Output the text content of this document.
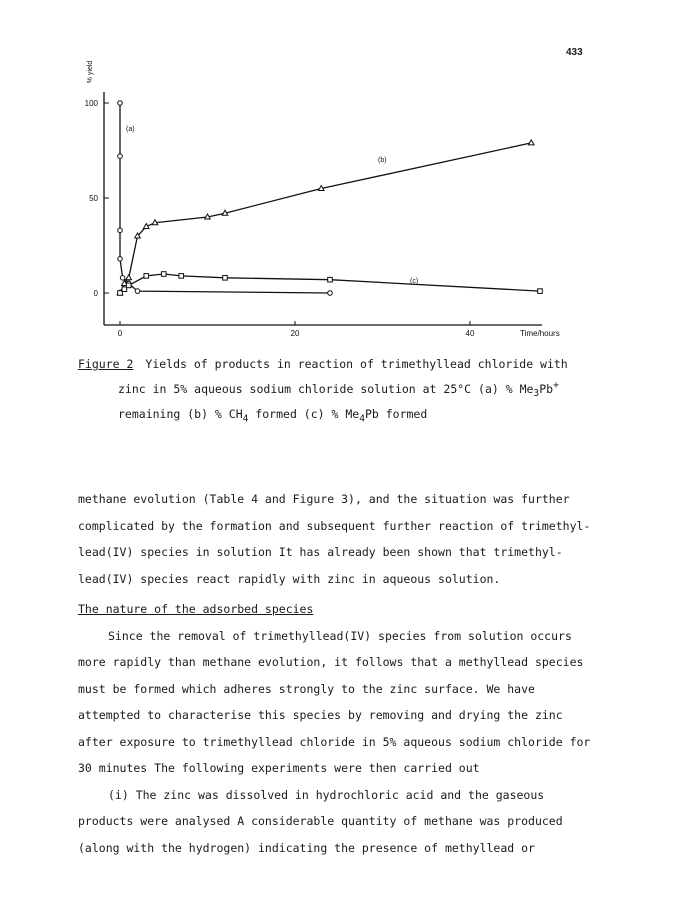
433
0
50
100
0	20	40
% yield
Time/hours
(a)
(b)
(c)
Figure 2 Yields of products in reaction of trimethyllead chloride with
zinc in 5% aqueous sodium chloride solution at 25°C (a) % $Me_3Pb^+$
remaining (b) % $CH_4$ formed (c) % $Me_4Pb$ formed
methane evolution (Table 4 and Figure 3), and the situation was further
complicated by the formation and subsequent further reaction of trimethyl-
lead(IV) species in solution It has already been shown that trimethyl-
lead(IV) species react rapidly with zinc in aqueous solution.
The nature of the adsorbed species
Since the removal of trimethyllead(IV) species from solution occurs
more rapidly than methane evolution, it follows that a methyllead species
must be formed which adheres strongly to the zinc surface. We have
attempted to characterise this species by removing and drying the zinc
after exposure to trimethyllead chloride in 5% aqueous sodium chloride for
30 minutes The following experiments were then carried out
(i) The zinc was dissolved in hydrochloric acid and the gaseous
products were analysed A considerable quantity of methane was produced
(along with the hydrogen) indicating the presence of methyllead or
